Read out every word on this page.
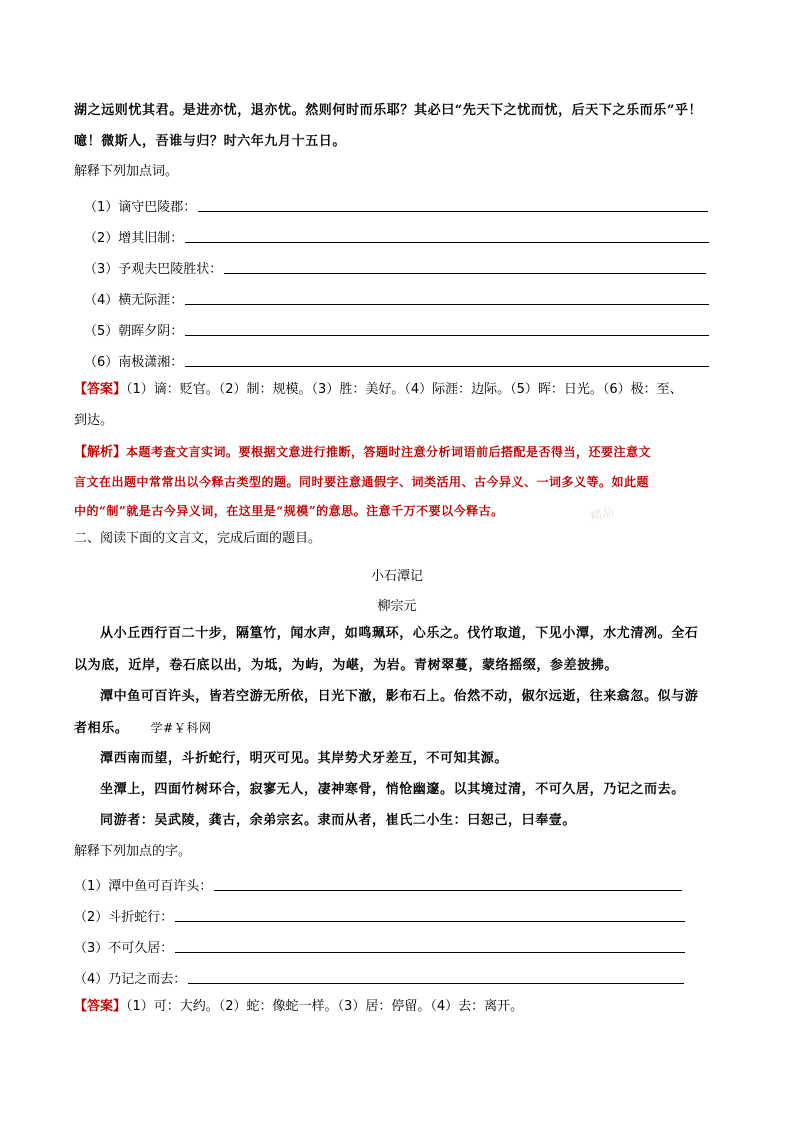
湖之远则忧其君。是进亦忧，退亦忧。然则何时而乐耶？其必曰“先天下之忧而忧，后天下之乐而乐”乎！
噫！微斯人，吾谁与归？时六年九月十五日。
解释下列加点词。
（1）谪守巴陵郡：
（2）增其旧制：
（3）予观夫巴陵胜状：
（4）横无际涯：
（5）朝晖夕阴：
（6）南极潇湘：
【答案】（1）谪：贬官。（2）制：规模。（3）胜：美好。（4）际涯：边际。（5）晖：日光。（6）极：至、
到达。
【解析】本题考查文言实词。要根据文意进行推断，答题时注意分析词语前后搭配是否得当，还要注意文
言文在出题中常常出以今释古类型的题。同时要注意通假字、词类活用、古今异义、一词多义等。如此题
中的“制”就是古今异义词，在这里是“规模”的意思。注意千万不要以今释古。	精品
二、阅读下面的文言文，完成后面的题目。
小石潭记
柳宗元
从小丘西行百二十步，隔篁竹，闻水声，如鸣珮环，心乐之。伐竹取道，下见小潭，水尤清冽。全石
以为底，近岸，卷石底以出，为坻，为屿，为嵁，为岩。青树翠蔓，蒙络摇缀，参差披拂。
潭中鱼可百许头，皆若空游无所依，日光下澈，影布石上。佁然不动，俶尔远逝，往来翕忽。似与游
者相乐。 学#￥科网
潭西南而望，斗折蛇行，明灭可见。其岸势犬牙差互，不可知其源。
坐潭上，四面竹树环合，寂寥无人，凄神寒骨，悄怆幽邃。以其境过清，不可久居，乃记之而去。
同游者：吴武陵，龚古，余弟宗玄。隶而从者，崔氏二小生：曰恕己，曰奉壹。
解释下列加点的字。
（1）潭中鱼可百许头：
（2）斗折蛇行：
（3）不可久居：
（4）乃记之而去：
【答案】（1）可：大约。（2）蛇：像蛇一样。（3）居：停留。（4）去：离开。
